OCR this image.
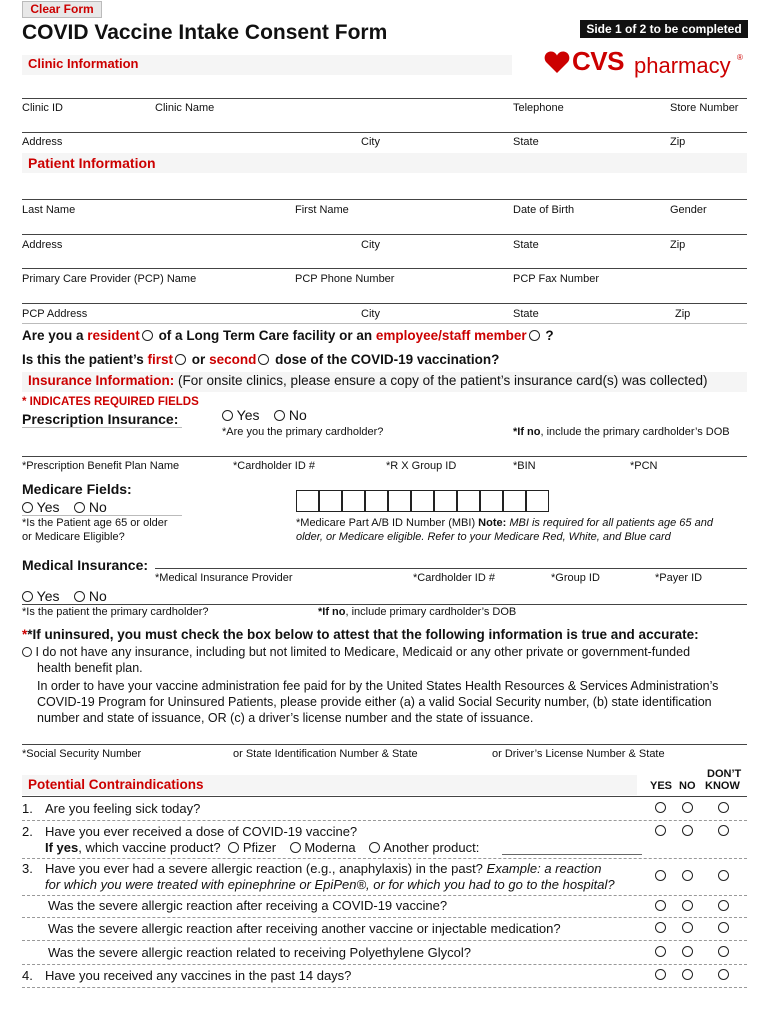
Clear Form
COVID Vaccine Intake Consent Form	Side 1 of 2 to be completed
CVS pharmacy ®
Clinic Information
Clinic ID	Clinic Name	Telephone	Store Number
Address	City	State	Zip
Patient Information
Last Name	First Name	Date of Birth	Gender
Address	City	State	Zip
Primary Care Provider (PCP) Name	PCP Phone Number	PCP Fax Number
PCP Address	City	State	Zip
Are you a resident of a Long Term Care facility or an employee/staff member ?
Is this the patient’s first or second dose of the COVID-19 vaccination?
Insurance Information: (For onsite clinics, please ensure a copy of the patient’s insurance card(s) was collected)
* INDICATES REQUIRED FIELDS
Prescription Insurance:	Yes	No
*Are you the primary cardholder?	*If no, include the primary cardholder’s DOB
*Prescription Benefit Plan Name	*Cardholder ID #	*R X Group ID	*BIN	*PCN
Medicare Fields:
Yes	No
*Is the Patient age 65 or older
or Medicare Eligible?
*Medicare Part A/B ID Number (MBI) Note: MBI is required for all patients age 65 and
older, or Medicare eligible. Refer to your Medicare Red, White, and Blue card
Medical Insurance:
*Medical Insurance Provider	*Cardholder ID #	*Group ID	*Payer ID
Yes	No
*Is the patient the primary cardholder?	*If no, include primary cardholder’s DOB
**If uninsured, you must check the box below to attest that the following information is true and accurate:
I do not have any insurance, including but not limited to Medicare, Medicaid or any other private or government-funded
health benefit plan.
In order to have your vaccine administration fee paid for by the United States Health Resources & Services Administration’s
COVID-19 Program for Uninsured Patients, please provide either (a) a valid Social Security number, (b) state identification
number and state of issuance, OR (c) a driver’s license number and the state of issuance.
*Social Security Number	or State Identification Number & State	or Driver’s License Number & State
Potential Contraindications	YES NO
DON’T
KNOW
1. Are you feeling sick today?
2. Have you ever received a dose of COVID-19 vaccine?
If yes, which vaccine product? Pfizer Moderna Another product:
3. Have you ever had a severe allergic reaction (e.g., anaphylaxis) in the past? Example: a reaction
for which you were treated with epinephrine or EpiPen®, or for which you had to go to the hospital?
Was the severe allergic reaction after receiving a COVID-19 vaccine?
Was the severe allergic reaction after receiving another vaccine or injectable medication?
Was the severe allergic reaction related to receiving Polyethylene Glycol?
4. Have you received any vaccines in the past 14 days?
